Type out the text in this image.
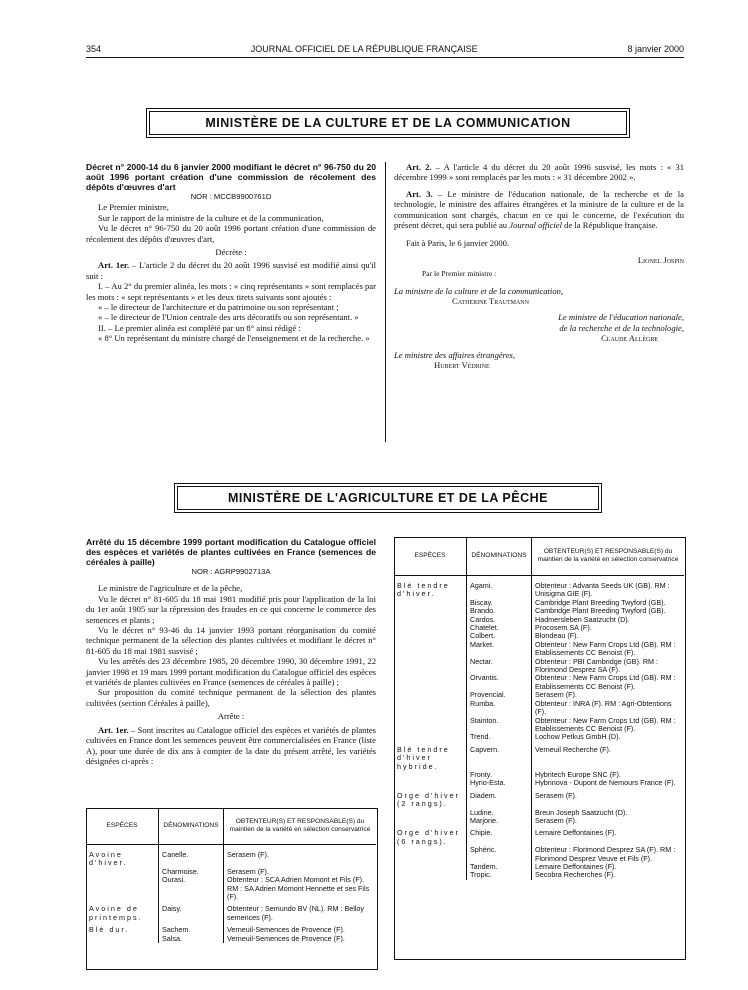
354	JOURNAL OFFICIEL DE LA RÉPUBLIQUE FRANÇAISE	8 janvier 2000
MINISTÈRE DE LA CULTURE ET DE LA COMMUNICATION

Décret n° 2000-14 du 6 janvier 2000 modifiant le décret n° 96-750 du 20 août 1996 portant création d'une commission de récolement des dépôts d'œuvres d'art

NOR : MCCB9900761D

Le Premier ministre,

Sur le rapport de la ministre de la culture et de la communication,

Vu le décret n° 96-750 du 20 août 1996 portant création d'une commission de récolement des dépôts d'œuvres d'art,

Décrète :

Art. 1er. – L'article 2 du décret du 20 août 1996 susvisé est modifié ainsi qu'il suit :

I. – Au 2° du premier alinéa, les mots : « cinq représentants » sont remplacés par les mots : « sept représentants » et les deux tirets suivants sont ajoutés :

« – le directeur de l'architecture et du patrimoine ou son représentant ;

« – le directeur de l'Union centrale des arts décoratifs ou son représentant. »

II. – Le premier alinéa est complété par un 8° ainsi rédigé :

« 8° Un représentant du ministre chargé de l'enseignement et de la recherche. »

Art. 2. – A l'article 4 du décret du 20 août 1996 susvisé, les mots : « 31 décembre 1999 » sont remplacés par les mots : « 31 décembre 2002 ».

Art. 3. – Le ministre de l'éducation nationale, de la recherche et de la technologie, le ministre des affaires étrangères et la ministre de la culture et de la communication sont chargés, chacun en ce qui le concerne, de l'exécution du présent décret, qui sera publié au Journal officiel de la République française.

Fait à Paris, le 6 janvier 2000.

Lionel Jospin

Par le Premier ministre :

La ministre de la culture et de la communication,

Catherine Trautmann

Le ministre de l'éducation nationale,

de la recherche et de la technologie,

Claude Allègre

Le ministre des affaires étrangères,

Hubert Védrine

MINISTÈRE DE L'AGRICULTURE ET DE LA PÊCHE

Arrêté du 15 décembre 1999 portant modification du Catalogue officiel des espèces et variétés de plantes cultivées en France (semences de céréales à paille)

NOR : AGRP9902713A

Le ministre de l'agriculture et de la pêche,

Vu le décret n° 81-605 du 18 mai 1981 modifié pris pour l'application de la loi du 1er août 1905 sur la répression des fraudes en ce qui concerne le commerce des semences et plants ;

Vu le décret n° 93-46 du 14 janvier 1993 portant réorganisation du comité technique permanent de la sélection des plantes cultivées et modifiant le décret n° 81-605 du 18 mai 1981 susvisé ;

Vu les arrêtés des 23 décembre 1985, 20 décembre 1990, 30 décembre 1991, 22 janvier 1998 et 19 mars 1999 portant modification du Catalogue officiel des espèces et variétés de plantes cultivées en France (semences de céréales à paille) ;

Sur proposition du comité technique permanent de la sélection des plantes cultivées (section Céréales à paille),

Arrête :

Art. 1er. – Sont inscrites au Catalogue officiel des espèces et variétés de plantes cultivées en France dont les semences peuvent être commercialisées en France (liste A), pour une durée de dix ans à compter de la date du présent arrêté, les variétés désignées ci-après :

ESPÈCES	DÉNOMINATIONS	OBTENTEUR(S) ET RESPONSABLE(S) du maintien de la variété en sélection conservatrice
Avoine d'hiver.	Canelle.	Serasem (F).
	Charmoise.	Serasem (F).
	Ourasi.	Obtenteur : SCA Adrien Momont et Fils (F).
		RM : SA Adrien Momont Hennette et ses Fils (F).
Avoine de printemps.	Daisy.	Obtenteur : Semundo BV (NL). RM : Belloy semences (F).
Blé dur.	Sachem.	Verneuil-Semences de Provence (F).
	Salsa.	Verneuil-Semences de Provence (F).
ESPÈCES	DÉNOMINATIONS	OBTENTEUR(S) ET RESPONSABLE(S) du maintien de la variété en sélection conservatrice
Blé tendre d'hiver.	Agami.	Obtenteur : Advanta Seeds UK (GB). RM : Unisigma GIE (F).
	Biscay.	Cambridge Plant Breeding Twyford (GB).
	Brando.	Cambridge Plant Breeding Twyford (GB).
	Cardos.	Hadmersleben Saatzucht (D).
	Chatelet.	Procosem SA (F).
	Colbert.	Blondeau (F).
	Market.	Obtenteur : New Farm Crops Ltd (GB). RM : Etablissements CC Benoist (F).
	Nectar.	Obtenteur : PBI Cambridge (GB). RM : Florimond Desprez SA (F).
	Orvantis.	Obtenteur : New Farm Crops Ltd (GB). RM : Etablissements CC Benoist (F).
	Provencial.	Serasem (F).
	Rumba.	Obtenteur : INRA (F). RM : Agri-Obtentions (F).
	Stainton.	Obtenteur : New Farm Crops Ltd (GB). RM : Etablissements CC Benoist (F).
	Trend.	Lochow Petkus GmbH (D).
Blé tendre d'hiver hybride.	Capvern.	Verneuil Recherche (F).
	Fronty.	Hybritech Europe SNC (F).
	Hyno-Esta.	Hybrinova - Dupont de Nemours France (F).
Orge d'hiver (2 rangs).	Diadem.	Serasem (F).
	Ludine.	Breun Joseph Saatzucht (D).
	Marjorie.	Serasem (F).
Orge d'hiver (6 rangs).	Chipie.	Lemaire Deffontaines (F).
	Sphéric.	Obtenteur : Florimond Desprez SA (F). RM : Florimond Desprez Veuve et Fils (F).
	Tandem.	Lemaire Deffontaines (F).
	Tropic.	Secobra Recherches (F).
